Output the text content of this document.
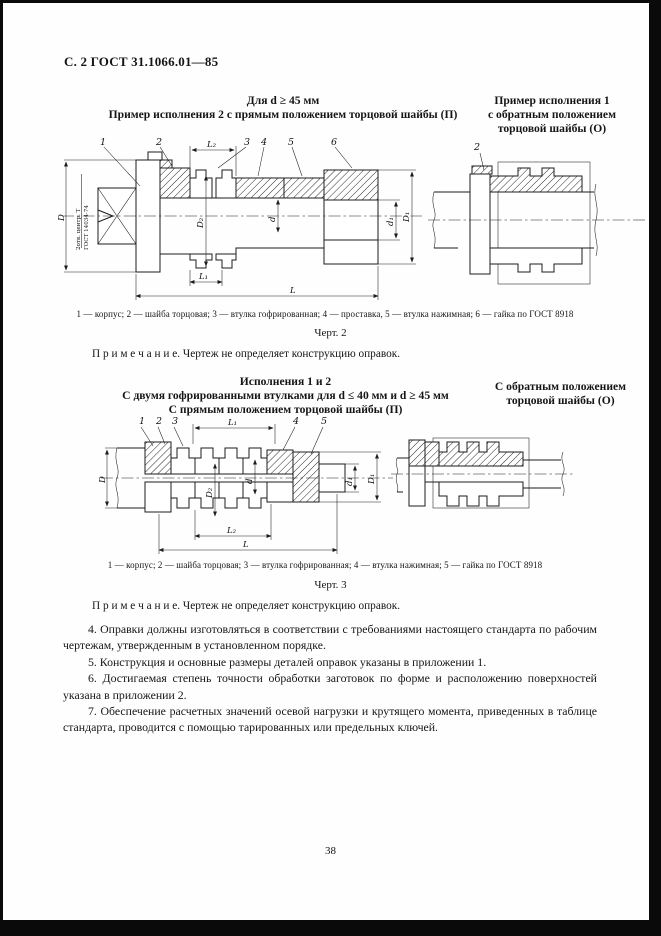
С. 2 ГОСТ 31.1066.01—85
Для d ≥ 45 мм
Пример исполнения 2 с прямым положением торцовой шайбы (П)
Пример исполнения 1
с обратным положением
торцовой шайбы (О)
2отв. центр. Т ГОСТ 14034-74
D
L₂
D₂	d	d₁ D₁
L₁
L
1	2	3 4 5	6	2
1 — корпус; 2 — шайба торцовая; 3 — втулка гофрированная; 4 — проставка, 5 — втулка нажимная; 6 — гайка по ГОСТ 8918
Черт. 2
П р и м е ч а н и е. Чертеж не определяет конструкцию оправок.
Исполнения 1 и 2
С двумя гофрированными втулками для d ≤ 40 мм и d ≥ 45 мм
С прямым положением торцовой шайбы (П)
С обратным положением
торцовой шайбы (О)
D
L₁
D₂
d	d₁ D₁
L₂
L
1 2 3	4 5
1 — корпус; 2 — шайба торцовая; 3 — втулка гофрированная; 4 — втулка нажимная; 5 — гайка по ГОСТ 8918
Черт. 3
П р и м е ч а н и е. Чертеж не определяет конструкцию оправок.

4. Оправки должны изготовляться в соответствии с требованиями настоящего стандарта по рабочим чертежам, утвержденным в установленном порядке.

5. Конструкция и основные размеры деталей оправок указаны в приложении 1.

6. Достигаемая степень точности обработки заготовок по форме и расположению поверхностей указана в приложении 2.

7. Обеспечение расчетных значений осевой нагрузки и крутящего момента, приведенных в таблице стандарта, проводится с помощью тарированных или предельных ключей.

38
